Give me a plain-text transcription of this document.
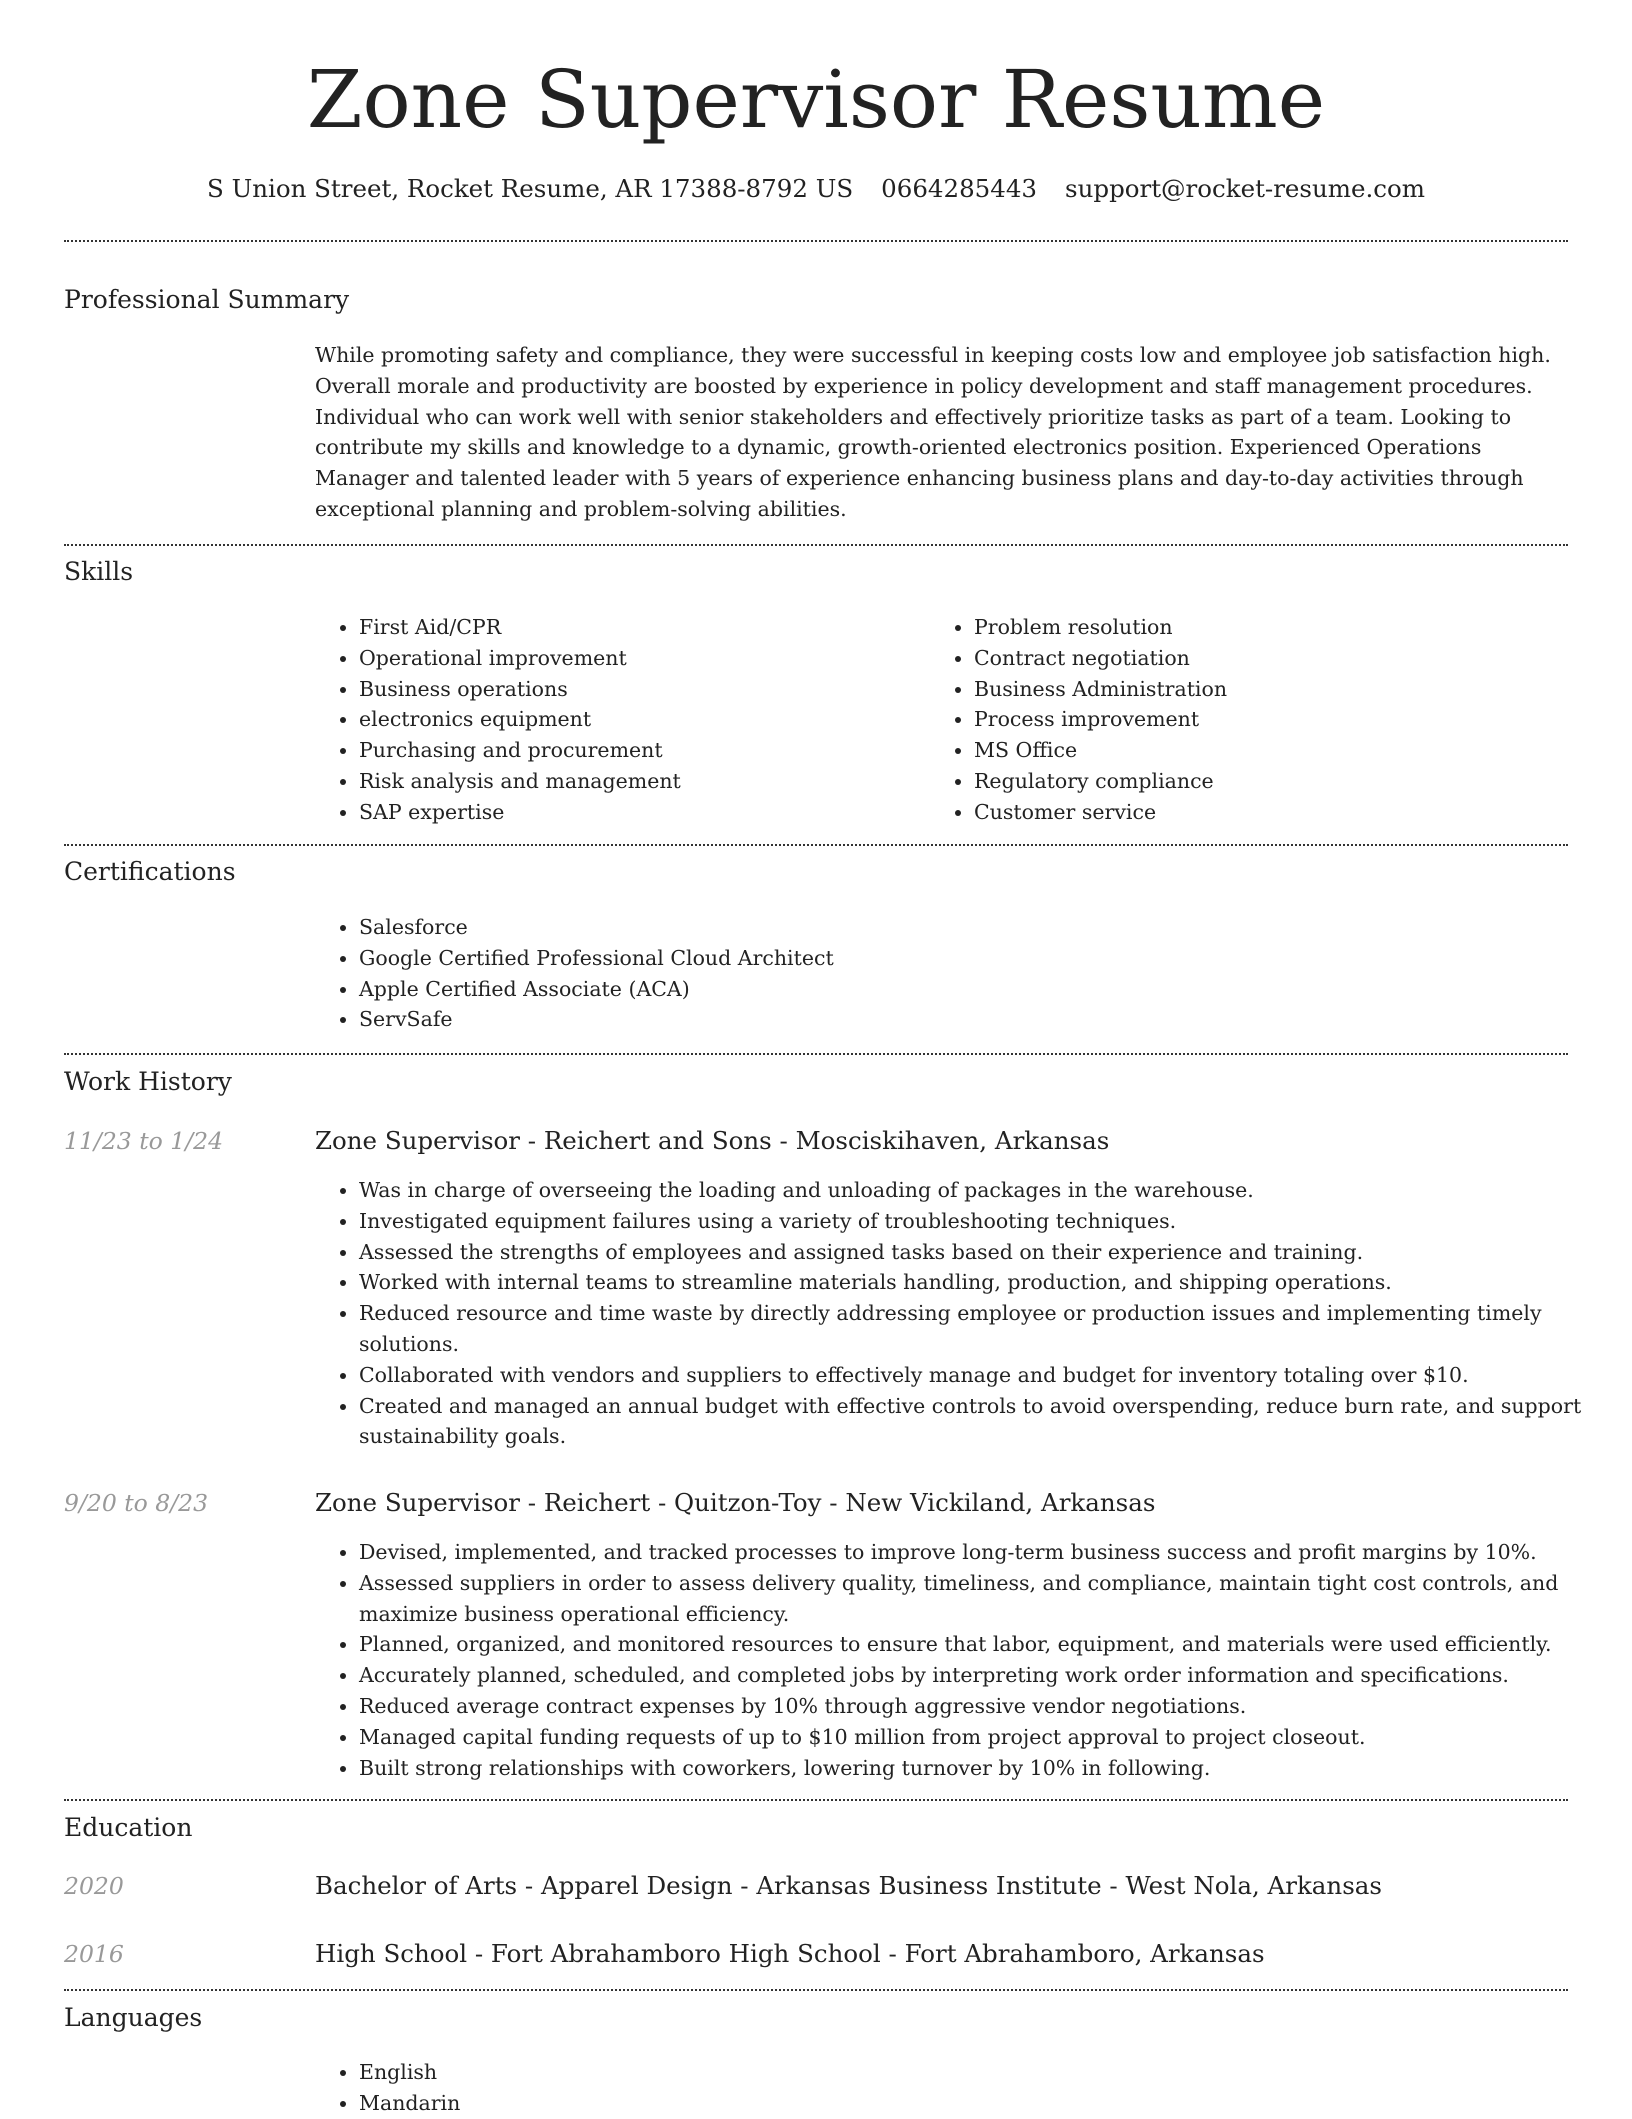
Zone Supervisor Resume
S Union Street, Rocket Resume, AR 17388-8792 US 0664285443 support@rocket-resume.com
Professional Summary
While promoting safety and compliance, they were successful in keeping costs low and employee job satisfaction high. Overall morale and productivity are boosted by experience in policy development and staff management procedures. Individual who can work well with senior stakeholders and effectively prioritize tasks as part of a team. Looking to contribute my skills and knowledge to a dynamic, growth-oriented electronics position. Experienced Operations Manager and talented leader with 5 years of experience enhancing business plans and day-to-day activities through exceptional planning and problem-solving abilities.
Skills
• First Aid/CPR
• Operational improvement
• Business operations
• electronics equipment
• Purchasing and procurement
• Risk analysis and management
• SAP expertise
• Problem resolution
• Contract negotiation
• Business Administration
• Process improvement
• MS Office
• Regulatory compliance
• Customer service
Certifications
• Salesforce
• Google Certified Professional Cloud Architect
• Apple Certified Associate (ACA)
• ServSafe
Work History
11/23 to 1/24	Zone Supervisor - Reichert and Sons - Mosciskihaven, Arkansas
• Was in charge of overseeing the loading and unloading of packages in the warehouse.
• Investigated equipment failures using a variety of troubleshooting techniques.
• Assessed the strengths of employees and assigned tasks based on their experience and training.
• Worked with internal teams to streamline materials handling, production, and shipping operations.
• Reduced resource and time waste by directly addressing employee or production issues and implementing timely solutions.
• Collaborated with vendors and suppliers to effectively manage and budget for inventory totaling over $10.
• Created and managed an annual budget with effective controls to avoid overspending, reduce burn rate, and support sustainability goals.
9/20 to 8/23	Zone Supervisor - Reichert - Quitzon-Toy - New Vickiland, Arkansas
• Devised, implemented, and tracked processes to improve long-term business success and profit margins by 10%.
• Assessed suppliers in order to assess delivery quality, timeliness, and compliance, maintain tight cost controls, and maximize business operational efficiency.
• Planned, organized, and monitored resources to ensure that labor, equipment, and materials were used efficiently.
• Accurately planned, scheduled, and completed jobs by interpreting work order information and specifications.
• Reduced average contract expenses by 10% through aggressive vendor negotiations.
• Managed capital funding requests of up to $10 million from project approval to project closeout.
• Built strong relationships with coworkers, lowering turnover by 10% in following.
Education
2020	Bachelor of Arts - Apparel Design - Arkansas Business Institute - West Nola, Arkansas
2016	High School - Fort Abrahamboro High School - Fort Abrahamboro, Arkansas
Languages
• English
• Mandarin
